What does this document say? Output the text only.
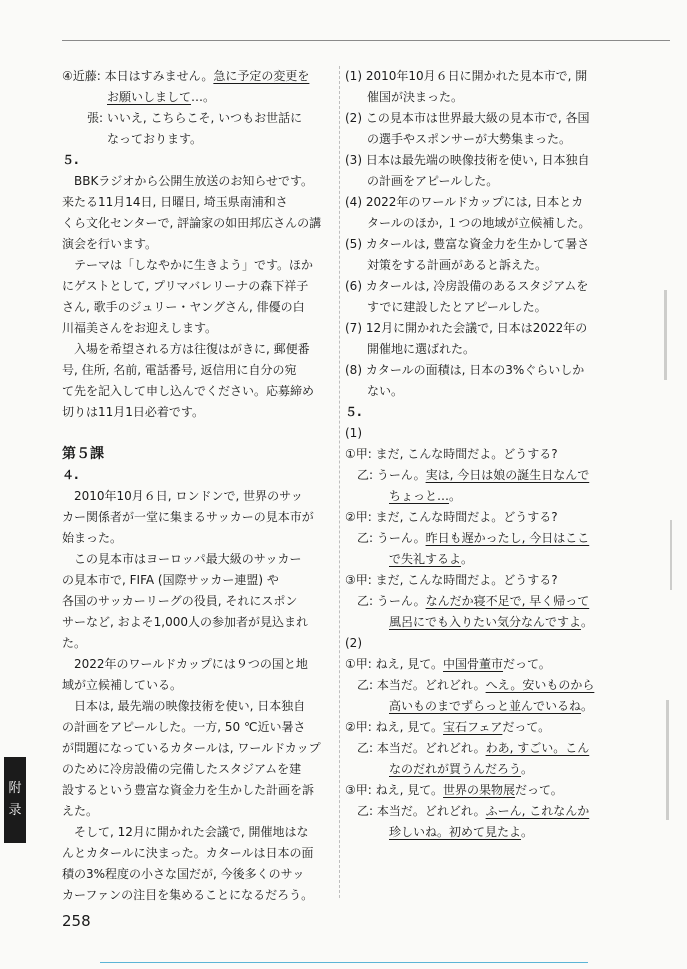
④近藤: 本日はすみません。急に予定の変更を
お願いしまして…。
張: いいえ, こちらこそ, いつもお世話に
なっております。
５.
BBKラジオから公開生放送のお知らせです。
来たる11月14日, 日曜日, 埼玉県南浦和さ
くら文化センターで, 評論家の如田邦広さんの講
演会を行います。
テーマは「しなやかに生きよう」です。ほか
にゲストとして, プリマバレリーナの森下祥子
さん, 歌手のジュリー・ヤングさん, 俳優の白
川福美さんをお迎えします。
入場を希望される方は往復はがきに, 郵便番
号, 住所, 名前, 電話番号, 返信用に自分の宛
て先を記入して申し込んでください。応募締め
切りは11月1日必着です。
第５課
４.
2010年10月６日, ロンドンで, 世界のサッ
カー関係者が一堂に集まるサッカーの見本市が
始まった。
この見本市はヨーロッパ最大級のサッカー
の見本市で, FIFA (国際サッカー連盟) や
各国のサッカーリーグの役員, それにスポン
サーなど, およそ1,000人の参加者が見込まれ
た。
2022年のワールドカップには９つの国と地
域が立候補している。
日本は, 最先端の映像技術を使い, 日本独自
の計画をアピールした。一方, 50 ℃近い暑さ
が問題になっているカタールは, ワールドカップ
のために冷房設備の完備したスタジアムを建
設するという豊富な資金力を生かした計画を訴
えた。
そして, 12月に開かれた会議で, 開催地はな
んとカタールに決まった。カタールは日本の面
積の3%程度の小さな国だが, 今後多くのサッ
カーファンの注目を集めることになるだろう。
(1) 2010年10月６日に開かれた見本市で, 開
催国が決まった。
(2) この見本市は世界最大級の見本市で, 各国
の選手やスポンサーが大勢集まった。
(3) 日本は最先端の映像技術を使い, 日本独自
の計画をアピールした。
(4) 2022年のワールドカップには, 日本とカ
タールのほか, １つの地域が立候補した。
(5) カタールは, 豊富な資金力を生かして暑さ
対策をする計画があると訴えた。
(6) カタールは, 冷房設備のあるスタジアムを
すでに建設したとアピールした。
(7) 12月に開かれた会議で, 日本は2022年の
開催地に選ばれた。
(8) カタールの面積は, 日本の3%ぐらいしか
ない。
５.
(1)
①甲: まだ, こんな時間だよ。どうする?
乙: うーん。実は, 今日は娘の誕生日なんで
ちょっと…。
②甲: まだ, こんな時間だよ。どうする?
乙: うーん。昨日も遅かったし, 今日はここ
で失礼するよ。
③甲: まだ, こんな時間だよ。どうする?
乙: うーん。なんだか寝不足で, 早く帰って
風呂にでも入りたい気分なんですよ。
(2)
①甲: ねえ, 見て。中国骨董市だって。
乙: 本当だ。どれどれ。へえ。安いものから
高いものまでずらっと並んでいるね。
②甲: ねえ, 見て。宝石フェアだって。
乙: 本当だ。どれどれ。わあ, すごい。こん
なのだれが買うんだろう。
③甲: ねえ, 見て。世界の果物展だって。
乙: 本当だ。どれどれ。ふーん, これなんか
珍しいね。初めて見たよ。
附
录
258
